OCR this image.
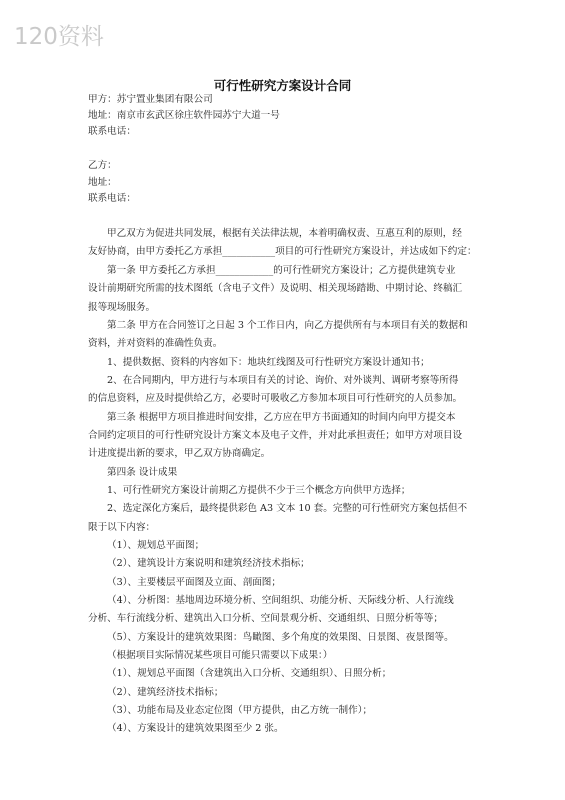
120资料
可行性研究方案设计合同
甲方：苏宁置业集团有限公司
地址：南京市玄武区徐庄软件园苏宁大道一号
联系电话：
乙方：
地址：
联系电话：
甲乙双方为促进共同发展，根据有关法律法规，本着明确权责、互惠互利的原则，经
友好协商，由甲方委托乙方承担___________项目的可行性研究方案设计，并达成如下约定：
第一条 甲方委托乙方承担____________的可行性研究方案设计；乙方提供建筑专业
设计前期研究所需的技术图纸（含电子文件）及说明、相关现场踏勘、中期讨论、终稿汇
报等现场服务。
第二条 甲方在合同签订之日起 3 个工作日内，向乙方提供所有与本项目有关的数据和
资料，并对资料的准确性负责。
1、提供数据、资料的内容如下：地块红线图及可行性研究方案设计通知书；
2、在合同期内，甲方进行与本项目有关的讨论、询价、对外谈判、调研考察等所得
的信息资料，应及时提供给乙方，必要时可吸收乙方参加本项目可行性研究的人员参加。
第三条 根据甲方项目推进时间安排，乙方应在甲方书面通知的时间内向甲方提交本
合同约定项目的可行性研究设计方案文本及电子文件，并对此承担责任；如甲方对项目设
计进度提出新的要求，甲乙双方协商确定。
第四条 设计成果
1、可行性研究方案设计前期乙方提供不少于三个概念方向供甲方选择；
2、选定深化方案后，最终提供彩色 A3 文本 10 套。完整的可行性研究方案包括但不
限于以下内容：
（1）、规划总平面图；
（2）、建筑设计方案说明和建筑经济技术指标；
（3）、主要楼层平面图及立面、剖面图；
（4）、分析图：基地周边环境分析、空间组织、功能分析、天际线分析、人行流线
分析、车行流线分析、建筑出入口分析、空间景观分析、交通组织、日照分析等等；
（5）、方案设计的建筑效果图：鸟瞰图、多个角度的效果图、日景图、夜景图等。
（根据项目实际情况某些项目可能只需要以下成果：）
（1）、规划总平面图（含建筑出入口分析、交通组织）、日照分析；
（2）、建筑经济技术指标；
（3）、功能布局及业态定位图（甲方提供，由乙方统一制作）；
（4）、方案设计的建筑效果图至少 2 张。
